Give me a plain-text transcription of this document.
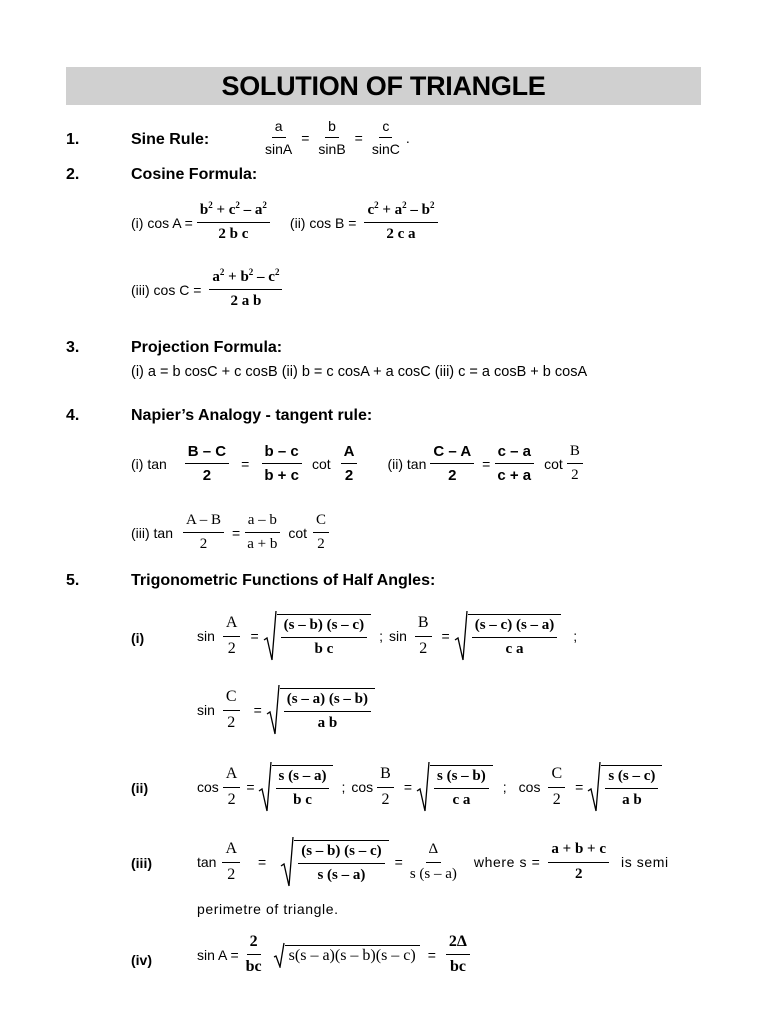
SOLUTION OF TRIANGLE
1.	Sine Rule:	$\frac{a}{\sin A} = \frac{b}{\sin B} = \frac{c}{\sin C}$ .
2.	Cosine Formula:
(i) $\cos A = \frac{b^2 + c^2 - a^2}{\text{2 b c}} (ii)$ $\cos B = \frac{c^2 + a^2 - b^2}{\text{2 c a}}$
(iii) $\cos C = \frac{a^2 + b^2 - c^2}{\text{2 a b}}$
3.	Projection Formula:
(i) a = b cosC + c cosB (ii) b = c cosA + a cosC (iii) c = a cosB + b cosA
4.	Napier’s Analogy - tangent rule:
(i) $\tan \frac{B - C}{2} = \frac{b - c}{b + c}$ $\cot \frac{A}{2} (ii)$ $\tan \frac{C - A}{2} = \frac{c - a}{c + a}$ $\cot \frac{B}{2}$
(iii) $\tan \frac{A - B}{2} = \frac{a - b}{a + b}$ $\cot \frac{C}{2}$
5.	Trigonometric Functions of Half Angles:
(i)	$\sin \frac{A}{2} = \frac{(s - b) (s - c)}{\text{b c}}$ ; $\sin \frac{B}{2} = \frac{(s - c) (s - a)}{\text{c a}}$ ;
$\sin \frac{C}{2} = \frac{(s - a) (s - b)}{\text{a b}}$
(ii)	$\cos \frac{A}{2} = \frac{s (s - a)}{\text{b c}}$ ; $\cos \frac{B}{2} = \frac{s (s - b)}{\text{c a}}$ ; $\cos \frac{C}{2} = \frac{s (s - c)}{\text{a b}}$
(iii)	$\tan \frac{A}{2} = \frac{(s - b) (s - c)}{s (s - a)} = \frac{\Delta}{s (s - a)}$ where $s = \frac{a + b + c}{2}$ is semi
perimetre of triangle.
(iv)	$\sin A = \frac{2}{bc} s(s - a)(s - b)(s - c) = \frac{2\Delta}{bc}$
